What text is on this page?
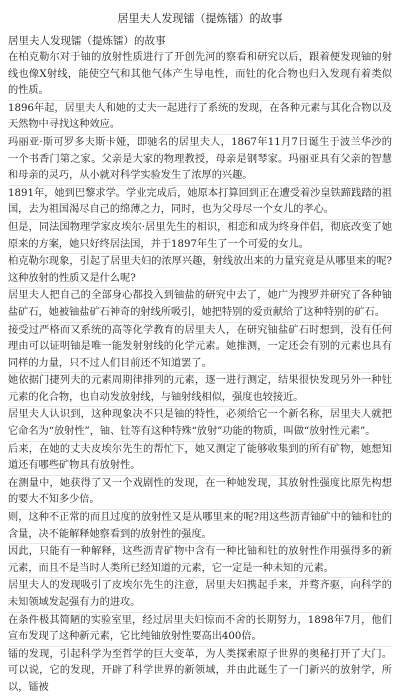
居里夫人发现镭（提炼镭）的故事
居里夫人发现镭（提炼镭）的故事

在柏克勒尔对于铀的放射性质进行了开创先河的察看和研究以后，跟着便发现铀的射线也像X射线，能使空气和其他气体产生导电性，而钍的化合物也归入发现有着类似的性质。

1896年起，居里夫人和她的丈夫一起进行了系统的发现，在各种元素与其化合物以及天然物中寻找这种效应。

玛丽亚·斯可罗多夫斯卡娅，即驰名的居里夫人，1867年11月7日诞生于波兰华沙的一个书香门第之家。父亲是大家的物理教授，母亲是钢琴家。玛丽亚具有父亲的智慧和母亲的灵巧，从小就对科学实验发生了浓厚的兴趣。

1891年，她到巴黎求学。学业完成后，她原本打算回到正在遭受着沙皇铁蹄践踏的祖国，去为祖国渴尽自己的绵薄之力，同时，也为父母尽一个女儿的孝心。

但是，同法国物理学家皮埃尔·居里先生的相识，相恋和成为终身伴侣，彻底改变了她原来的方案，她只好终居法国，并于1897年生了一个可爱的女儿。

柏克勒尔现象，引起了居里夫妇的浓厚兴趣，射线放出来的力量究竟是从哪里来的呢?这种放射的性质又是什么呢?

居里夫人把自己的全部身心都投入到铀盐的研究中去了，她广为搜罗并研究了各种铀盐矿石，她被铀盐矿石神奇的射线所吸引，她把特别的爱贡献给了这种特别的矿石。

接受过严格而又系统的高等化学教育的居里夫人，在研究铀盐矿石时想到，没有任何理由可以证明铀是唯一能发射射线的化学元素。她推测，一定还会有别的元素也具有同样的力量，只不过人们目前还不知道罢了。

她依据门捷列夫的元素周期律排列的元素，逐一进行测定，结果很快发现另外一种钍元素的化合物，也自动发放射线，与铀射线相似，强度也较接近。

居里夫人认识到，这种现象决不只是铀的特性，必须给它一个新名称，居里夫人就把它命名为“放射性”，铀、钍等有这种特殊“放射”功能的物质，叫做“放射性元素”。

后来，在她的丈夫皮埃尔先生的帮忙下，她又测定了能够收集到的所有矿物，她想知道还有哪些矿物具有放射性。

在测量中，她获得了又一个戏剧性的发现，在一种她发现，其放射性强度比原先构想的要大不知多少倍。

则，这种不正常的而且过度的放射性又是从哪里来的呢?用这些沥青铀矿中的铀和钍的含量，决不能解释她察看到的放射性的强度。

因此，只能有一种解释，这些沥青矿物中含有一种比铀和钍的放射性作用强得多的新元素，而且不是当时人类所已经知道的元素，它一定是一种未知的元素。

居里夫人的发现吸引了皮埃尔先生的注意，居里夫妇携起手来，并骛齐驱，向科学的未知领域发起强有力的进攻。

在条件极其简陋的实验室里，经过居里夫妇惊而不舍的长期努力，1898年7月，他们宣布发现了这种新元素，它比纯铀放射性要高出400倍。

镭的发现，引起科学为至哲学的巨大变革，为人类探索原子世界的奥秘打开了大门。可以说，它的发现，开辟了科学世界的新领域，并由此诞生了一门新兴的放射学，所以，镭被
